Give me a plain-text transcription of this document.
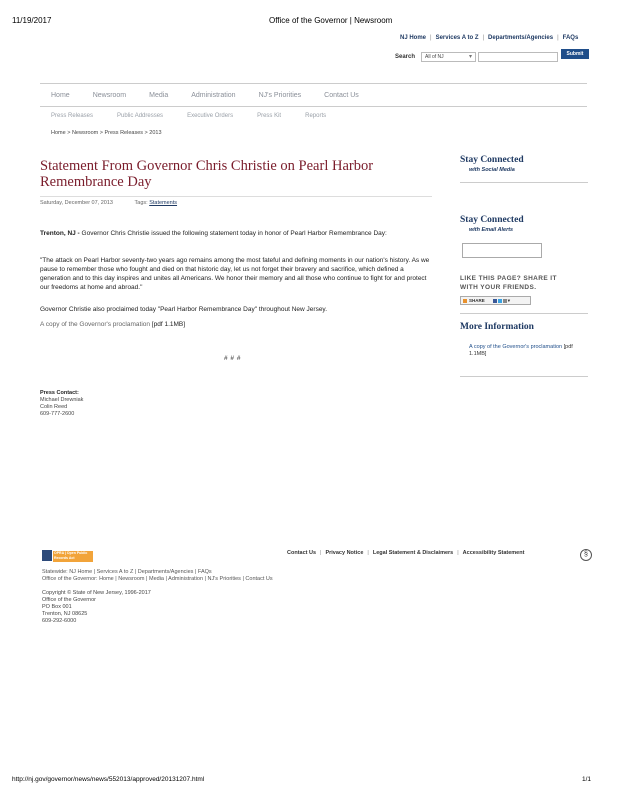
11/19/2017	Office of the Governor | Newsroom
NJ Home | Services A to Z | Departments/Agencies | FAQs
Search	All of NJ	▾	Submit
Home	Newsroom	Media	Administration	NJ's Priorities	Contact Us
Press Releases	Public Addresses	Executive Orders	Press Kit	Reports
Home > Newsroom > Press Releases > 2013
Statement From Governor Chris Christie on Pearl Harbor Remembrance Day
Saturday, December 07, 2013	Tags: Statements
Trenton, NJ - Governor Chris Christie issued the following statement today in honor of Pearl Harbor Remembrance Day:
"The attack on Pearl Harbor seventy-two years ago remains among the most fateful and defining moments in our nation's history. As we pause to remember those who fought and died on that historic day, let us not forget their bravery and sacrifice, which defined a generation and to this day inspires and unites all Americans. We honor their memory and all those who continue to fight for and protect our freedoms at home and abroad."
Governor Christie also proclaimed today "Pearl Harbor Remembrance Day" throughout New Jersey.
A copy of the Governor's proclamation [pdf 1.1MB]
# # #
Press Contact:
Michael Drewniak
Colin Reed
609-777-2600
Stay Connected
with Social Media
Stay Connected
with Email Alerts
LIKE THIS PAGE? SHARE IT
WITH YOUR FRIENDS.
SHARE	▾
More Information
A copy of the Governor's proclamation [pdf 1.1MB]
OPRA | Open Public Records Act
Contact Us | Privacy Notice | Legal Statement & Disclaimers | Accessibility Statement	§
Statewide: NJ Home | Services A to Z | Departments/Agencies | FAQs
Office of the Governor: Home | Newsroom | Media | Administration | NJ's Priorities | Contact Us
Copyright © State of New Jersey, 1996-2017
Office of the Governor
PO Box 001
Trenton, NJ 08625
609-292-6000
http://nj.gov/governor/news/news/552013/approved/20131207.html	1/1
